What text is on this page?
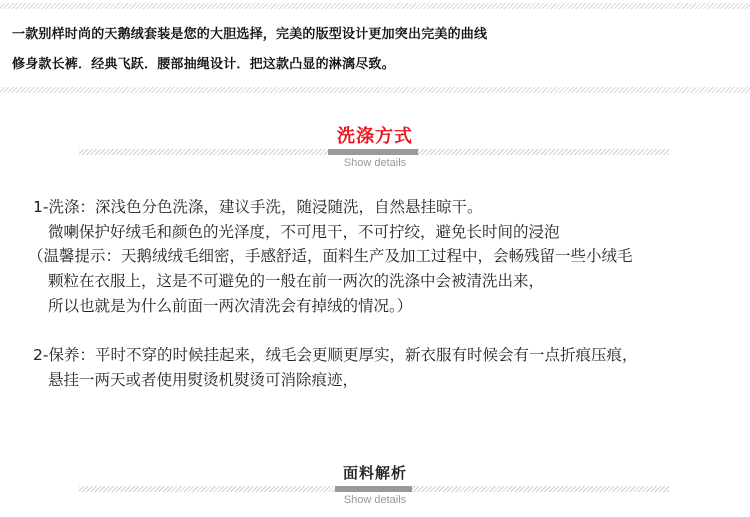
一款别样时尚的天鹅绒套装是您的大胆选择，完美的版型设计更加突出完美的曲线

修身款长裤．经典飞跃．腰部抽绳设计．把这款凸显的淋漓尽致。

洗涤方式

Show details

1-洗涤：深浅色分色洗涤，建议手洗，随浸随洗，自然悬挂晾干。

微喇保护好绒毛和颜色的光泽度，不可甩干，不可拧绞，避免长时间的浸泡

（温馨提示：天鹅绒绒毛细密，手感舒适，面料生产及加工过程中，会畅残留一些小绒毛

颗粒在衣服上，这是不可避免的一般在前一两次的洗涤中会被清洗出来，

所以也就是为什么前面一两次清洗会有掉绒的情况。）

2-保养：平时不穿的时候挂起来，绒毛会更顺更厚实，新衣服有时候会有一点折痕压痕，

悬挂一两天或者使用熨烫机熨烫可消除痕迹，

面料解析

Show details
